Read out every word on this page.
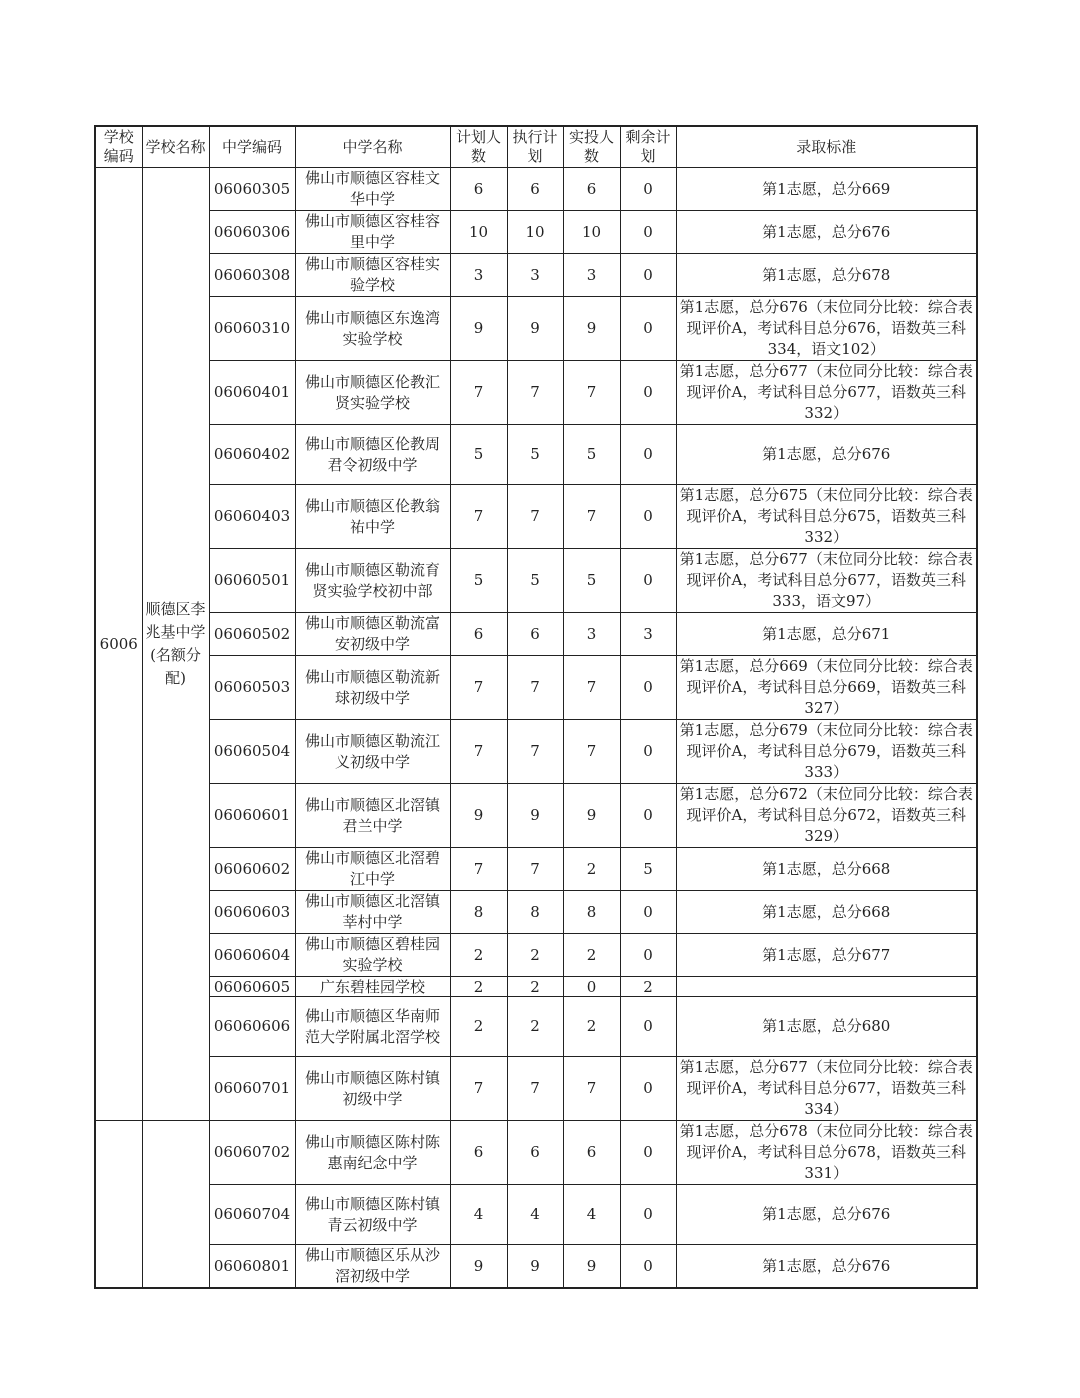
学校编码	学校名称	中学编码	中学名称	计划人数	执行计划	实投人数	剩余计划	录取标准
6006	顺德区李兆基中学(名额分配)	06060305	佛山市顺德区容桂文华中学	6	6	6	0	第1志愿，总分669
		06060306	佛山市顺德区容桂容里中学	10	10	10	0	第1志愿，总分676
		06060308	佛山市顺德区容桂实验学校	3	3	3	0	第1志愿，总分678
		06060310	佛山市顺德区东逸湾实验学校	9	9	9	0	第1志愿，总分676（末位同分比较：综合表现评价A，考试科目总分676，语数英三科334，语文102）
		06060401	佛山市顺德区伦教汇贤实验学校	7	7	7	0	第1志愿，总分677（末位同分比较：综合表现评价A，考试科目总分677，语数英三科332）
		06060402	佛山市顺德区伦教周君令初级中学	5	5	5	0	第1志愿，总分676
		06060403	佛山市顺德区伦教翁祐中学	7	7	7	0	第1志愿，总分675（末位同分比较：综合表现评价A，考试科目总分675，语数英三科332）
		06060501	佛山市顺德区勒流育贤实验学校初中部	5	5	5	0	第1志愿，总分677（末位同分比较：综合表现评价A，考试科目总分677，语数英三科333，语文97）
		06060502	佛山市顺德区勒流富安初级中学	6	6	3	3	第1志愿，总分671
		06060503	佛山市顺德区勒流新球初级中学	7	7	7	0	第1志愿，总分669（末位同分比较：综合表现评价A，考试科目总分669，语数英三科327）
		06060504	佛山市顺德区勒流江义初级中学	7	7	7	0	第1志愿，总分679（末位同分比较：综合表现评价A，考试科目总分679，语数英三科333）
		06060601	佛山市顺德区北滘镇君兰中学	9	9	9	0	第1志愿，总分672（末位同分比较：综合表现评价A，考试科目总分672，语数英三科329）
		06060602	佛山市顺德区北滘碧江中学	7	7	2	5	第1志愿，总分668
		06060603	佛山市顺德区北滘镇莘村中学	8	8	8	0	第1志愿，总分668
		06060604	佛山市顺德区碧桂园实验学校	2	2	2	0	第1志愿，总分677
		06060605	广东碧桂园学校	2	2	0	2	
		06060606	佛山市顺德区华南师范大学附属北滘学校	2	2	2	0	第1志愿，总分680
		06060701	佛山市顺德区陈村镇初级中学	7	7	7	0	第1志愿，总分677（末位同分比较：综合表现评价A，考试科目总分677，语数英三科334）
		06060702	佛山市顺德区陈村陈惠南纪念中学	6	6	6	0	第1志愿，总分678（末位同分比较：综合表现评价A，考试科目总分678，语数英三科331）
		06060704	佛山市顺德区陈村镇青云初级中学	4	4	4	0	第1志愿，总分676
		06060801	佛山市顺德区乐从沙滘初级中学	9	9	9	0	第1志愿，总分676
